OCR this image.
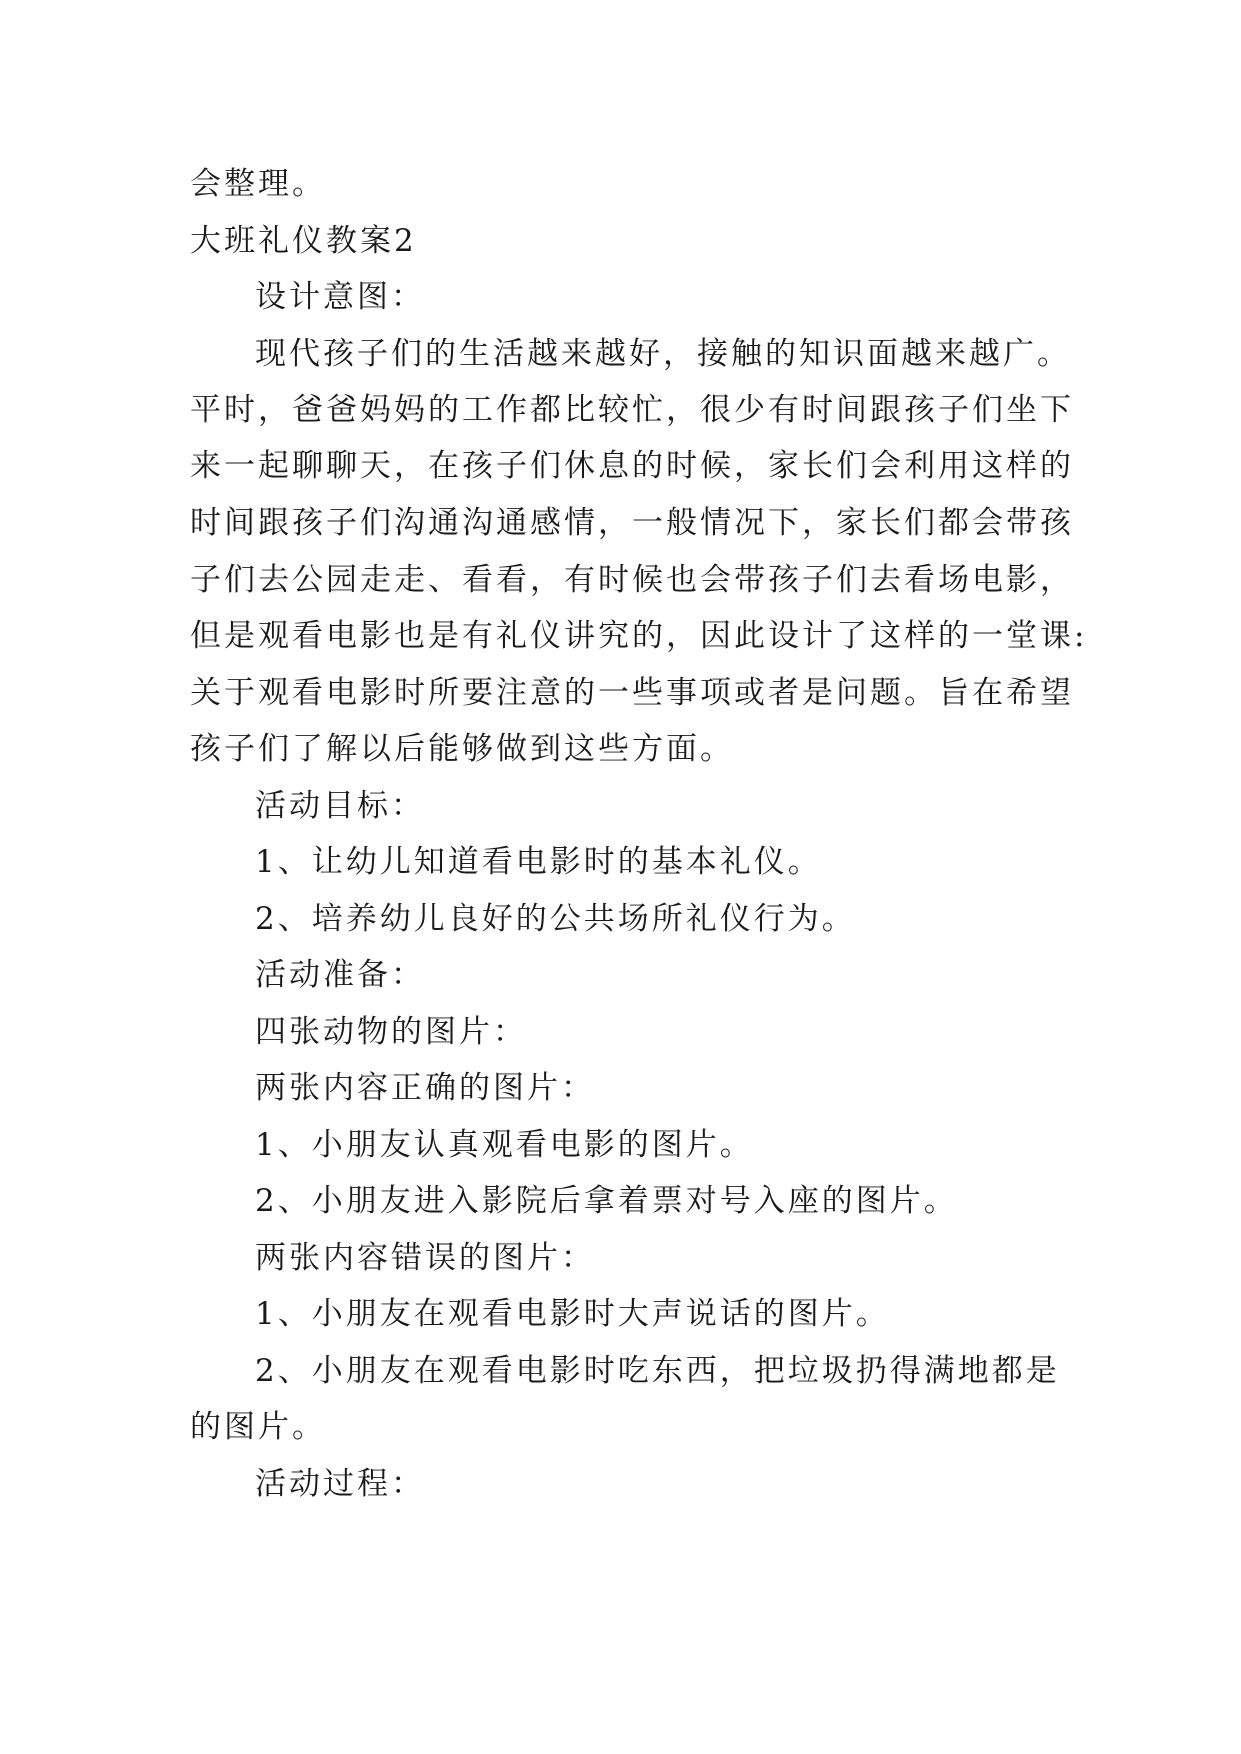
会整理。
大班礼仪教案2
设计意图：
现代孩子们的生活越来越好，接触的知识面越来越广。
平时，爸爸妈妈的工作都比较忙，很少有时间跟孩子们坐下
来一起聊聊天，在孩子们休息的时候，家长们会利用这样的
时间跟孩子们沟通沟通感情，一般情况下，家长们都会带孩
子们去公园走走、看看，有时候也会带孩子们去看场电影，
但是观看电影也是有礼仪讲究的，因此设计了这样的一堂课:
关于观看电影时所要注意的一些事项或者是问题。旨在希望
孩子们了解以后能够做到这些方面。
活动目标：
1、让幼儿知道看电影时的基本礼仪。
2、培养幼儿良好的公共场所礼仪行为。
活动准备：
四张动物的图片：
两张内容正确的图片：
1、小朋友认真观看电影的图片。
2、小朋友进入影院后拿着票对号入座的图片。
两张内容错误的图片：
1、小朋友在观看电影时大声说话的图片。
2、小朋友在观看电影时吃东西，把垃圾扔得满地都是
的图片。
活动过程：
